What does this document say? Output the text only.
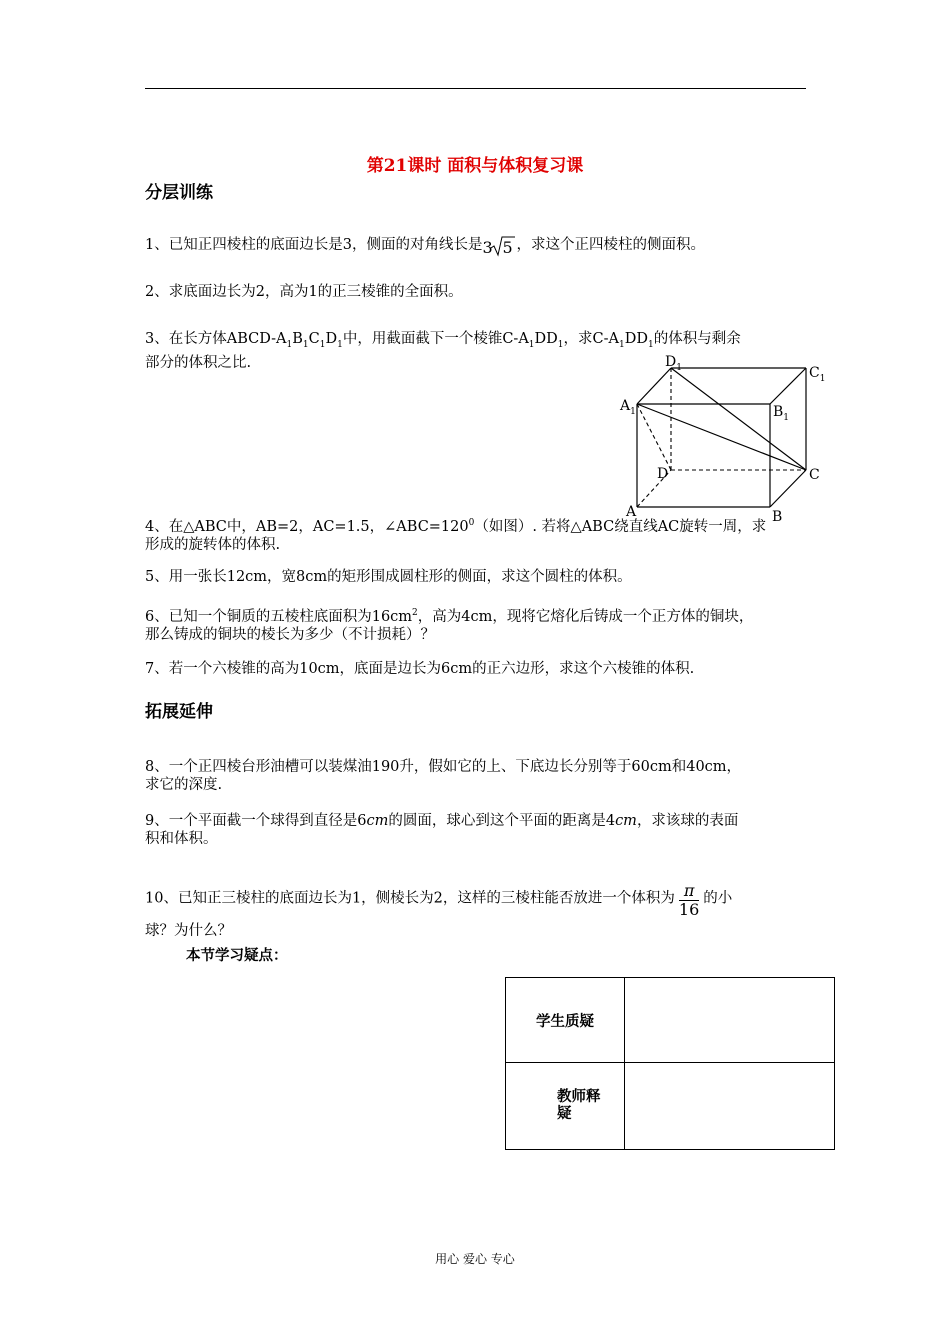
第21课时 面积与体积复习课
分层训练
1、已知正四棱柱的底面边长是3，侧面的对角线长是 3 5 ，求这个正四棱柱的侧面积。
2、求底面边长为2，高为1的正三棱锥的全面积。
3、在长方体ABCD-$A_1B_1C_1D_1$中，用截面截下一个棱锥$C-A_1DD_1$，求$C-A_1DD_1$的体积与剩余
部分的体积之比.	$D_1$	$C_1$
$A_1$	$B_1$
D	C
A	B
4、在△ABC中，AB=2，AC=1.5，$\angle ABC=120^0$（如图）. 若将△ABC绕直线AC旋转一周，求
形成的旋转体的体积.
5、用一张长12cm，宽8cm的矩形围成圆柱形的侧面，求这个圆柱的体积。
6、已知一个铜质的五棱柱底面积为$16cm^2$，高为4cm，现将它熔化后铸成一个正方体的铜块，
那么铸成的铜块的棱长为多少（不计损耗）？
7、若一个六棱锥的高为10cm，底面是边长为6cm的正六边形，求这个六棱锥的体积.
拓展延伸
8、一个正四棱台形油槽可以装煤油190升，假如它的上、下底边长分别等于60cm和40cm，
求它的深度.
9、一个平面截一个球得到直径是6cm的圆面，球心到这个平面的距离是4cm，求该球的表面
积和体积。
10、已知正三棱柱的底面边长为1，侧棱长为2，这样的三棱柱能否放进一个体积为 $\frac{\pi}{16}$ 的小
球？为什么？
本节学习疑点：
学生质疑	

教师释疑	

用心 爱心 专心
